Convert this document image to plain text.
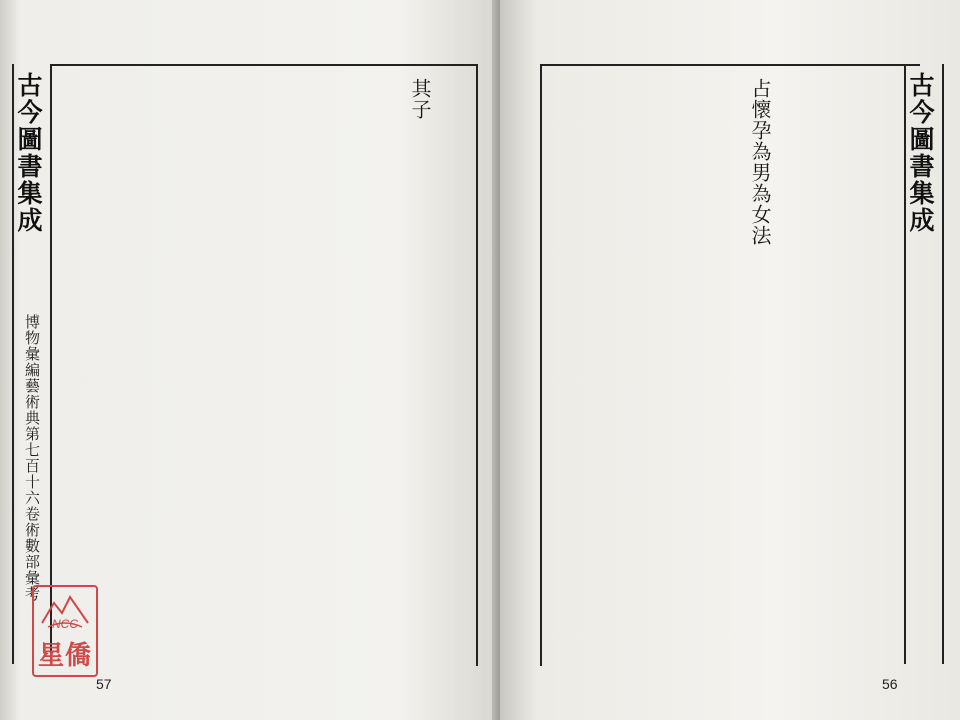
其子
古今圖書集成
博物彙編藝術典第七百十六卷術數部彙考
57
占懷孕為男為女法	古今圖書集成
56
NCC
星僑
